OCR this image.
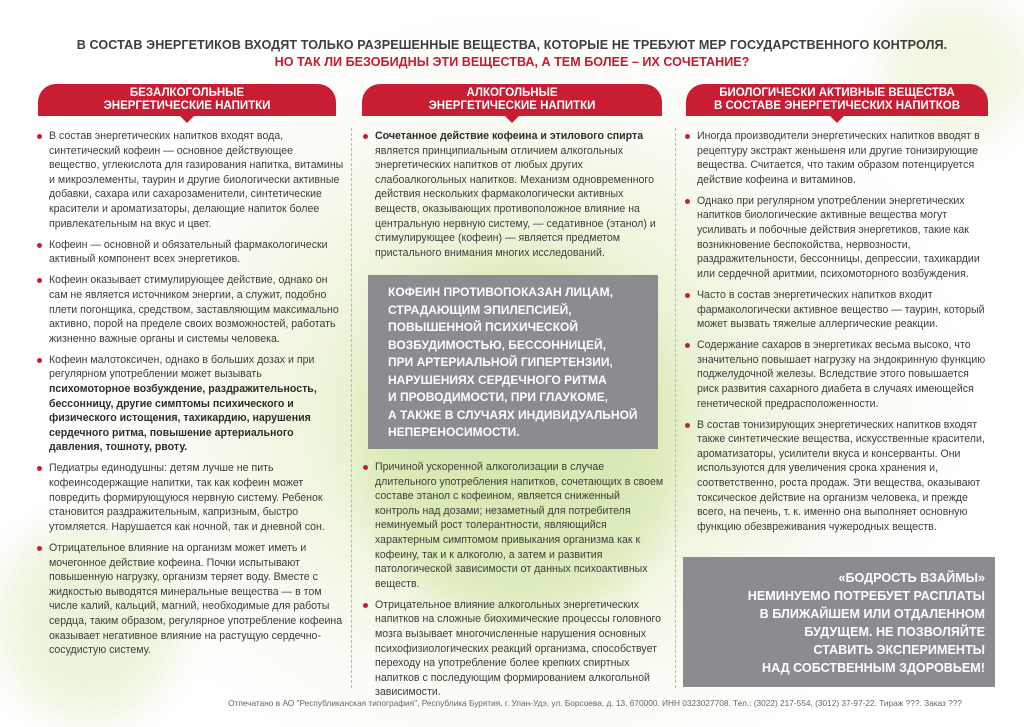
В СОСТАВ ЭНЕРГЕТИКОВ ВХОДЯТ ТОЛЬКО РАЗРЕШЕННЫЕ ВЕЩЕСТВА, КОТОРЫЕ НЕ ТРЕБУЮТ МЕР ГОСУДАРСТВЕННОГО КОНТРОЛЯ.
НО ТАК ЛИ БЕЗОБИДНЫ ЭТИ ВЕЩЕСТВА, А ТЕМ БОЛЕЕ – ИХ СОЧЕТАНИЕ?
БЕЗАЛКОГОЛЬНЫЕ
ЭНЕРГЕТИЧЕСКИЕ НАПИТКИ
В состав энергетических напитков входят вода, синтетический кофеин — основное действующее вещество, углекислота для газирования напитка, витамины и микроэлементы, таурин и другие биологически активные добавки, сахара или сахарозаменители, синтетические красители и ароматизаторы, делающие напиток более привлекательным на вкус и цвет.
Кофеин — основной и обязательный фармакологически активный компонент всех энергетиков.
Кофеин оказывает стимулирующее действие, однако он сам не является источником энергии, а служит, подобно плети погонщика, средством, заставляющим максимально активно, порой на пределе своих возможностей, работать жизненно важные органы и системы человека.
Кофеин малотоксичен, однако в больших дозах и при регулярном употреблении может вызывать психомоторное возбуждение, раздражительность, бессонницу, другие симптомы психического и физического истощения, тахикардию, нарушения сердечного ритма, повышение артериального давления, тошноту, рвоту.
Педиатры единодушны: детям лучше не пить кофеинсодержащие напитки, так как кофеин может повредить формирующуюся нервную систему. Ребенок становится раздражительным, капризным, быстро утомляется. Нарушается как ночной, так и дневной сон.
Отрицательное влияние на организм может иметь и мочегонное действие кофеина. Почки испытывают повышенную нагрузку, организм теряет воду. Вместе с жидкостью выводятся минеральные вещества — в том числе калий, кальций, магний, необходимые для работы сердца, таким образом, регулярное употребление кофеина оказывает негативное влияние на растущую сердечно-сосудистую систему.
АЛКОГОЛЬНЫЕ
ЭНЕРГЕТИЧЕСКИЕ НАПИТКИ
Сочетанное действие кофеина и этилового спирта является принципиальным отличием алкогольных энергетических напитков от любых других слабоалкогольных напитков. Механизм одновременного действия нескольких фармакологически активных веществ, оказывающих противоположное влияние на центральную нервную систему, — седативное (этанол) и стимулирующее (кофеин) — является предметом пристального внимания многих исследований.
КОФЕИН ПРОТИВОПОКАЗАН ЛИЦАМ,
СТРАДАЮЩИМ ЭПИЛЕПСИЕЙ,
ПОВЫШЕННОЙ ПСИХИЧЕСКОЙ
ВОЗБУДИМОСТЬЮ, БЕССОННИЦЕЙ,
ПРИ АРТЕРИАЛЬНОЙ ГИПЕРТЕНЗИИ,
НАРУШЕНИЯХ СЕРДЕЧНОГО РИТМА
И ПРОВОДИМОСТИ, ПРИ ГЛАУКОМЕ,
А ТАКЖЕ В СЛУЧАЯХ ИНДИВИДУАЛЬНОЙ
НЕПЕРЕНОСИМОСТИ.
Причиной ускоренной алкоголизации в случае длительного употребления напитков, сочетающих в своем составе этанол с кофеином, является сниженный контроль над дозами; незаметный для потребителя неминуемый рост толерантности, являющийся характерным симптомом привыкания организма как к кофеину, так и к алкоголю, а затем и развития патологической зависимости от данных психоактивных веществ.
Отрицательное влияние алкогольных энергетических напитков на сложные биохимические процессы головного мозга вызывает многочисленные нарушения основных психофизиологических реакций организма, способствует переходу на употребление более крепких спиртных напитков с последующим формированием алкогольной зависимости.
БИОЛОГИЧЕСКИ АКТИВНЫЕ ВЕЩЕСТВА
В СОСТАВЕ ЭНЕРГЕТИЧЕСКИХ НАПИТКОВ
Иногда производители энергетических напитков вводят в рецептуру экстракт женьшеня или другие тонизирующие вещества. Считается, что таким образом потенцируется действие кофеина и витаминов.
Однако при регулярном употреблении энергетических напитков биологические активные вещества могут усиливать и побочные действия энергетиков, такие как возникновение беспокойства, нервозности, раздражительности, бессонницы, депрессии, тахикардии или сердечной аритмии, психомоторного возбуждения.
Часто в состав энергетических напитков входит фармакологически активное вещество — таурин, который может вызвать тяжелые аллергические реакции.
Содержание сахаров в энергетиках весьма высоко, что значительно повышает нагрузку на эндокринную функцию поджелудочной железы. Вследствие этого повышается риск развития сахарного диабета в случаях имеющейся генетической предрасположенности.
В состав тонизирующих энергетических напитков входят также синтетические вещества, искусственные красители, ароматизаторы, усилители вкуса и консерванты. Они используются для увеличения срока хранения и, соответственно, роста продаж. Эти вещества, оказывают токсическое действие на организм человека, и прежде всего, на печень, т. к. именно она выполняет основную функцию обезвреживания чужеродных веществ.
«БОДРОСТЬ ВЗАЙМЫ»
НЕМИНУЕМО ПОТРЕБУЕТ РАСПЛАТЫ
В БЛИЖАЙШЕМ ИЛИ ОТДАЛЕННОМ
БУДУЩЕМ. НЕ ПОЗВОЛЯЙТЕ
СТАВИТЬ ЭКСПЕРИМЕНТЫ
НАД СОБСТВЕННЫМ ЗДОРОВЬЕМ!
Отпечатано в АО "Республиканская типография", Республика Бурятия, г. Улан-Удэ, ул. Борсоева, д. 13, 670000. ИНН 0323027708. Тел.: (3022) 217-554, (3012) 37-97-22. Тираж ???. Заказ ???
